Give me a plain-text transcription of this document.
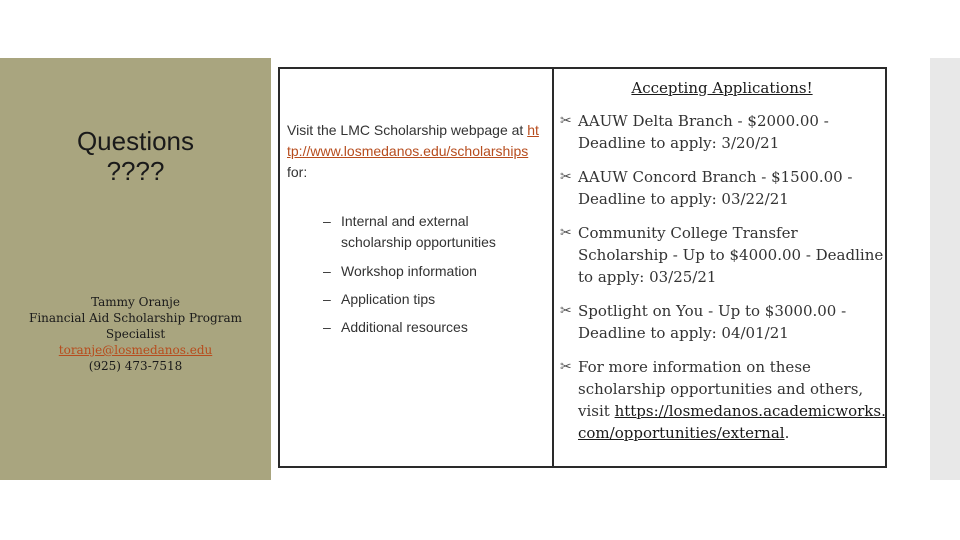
Questions
????
Tammy Oranje
Financial Aid Scholarship Program
Specialist
toranje@losmedanos.edu
(925) 473-7518
Visit the LMC Scholarship webpage at http://www.losmedanos.edu/scholarships for:
– Internal and external scholarship opportunities
– Workshop information
– Application tips
– Additional resources
Accepting Applications!
✂ AAUW Delta Branch - $2000.00 - Deadline to apply: 3/20/21
✂ AAUW Concord Branch - $1500.00 - Deadline to apply: 03/22/21
✂ Community College Transfer Scholarship - Up to $4000.00 - Deadline to apply: 03/25/21
✂ Spotlight on You - Up to $3000.00 - Deadline to apply: 04/01/21
✂ For more information on these scholarship opportunities and others, visit https://losmedanos.academicworks.com/opportunities/external.
